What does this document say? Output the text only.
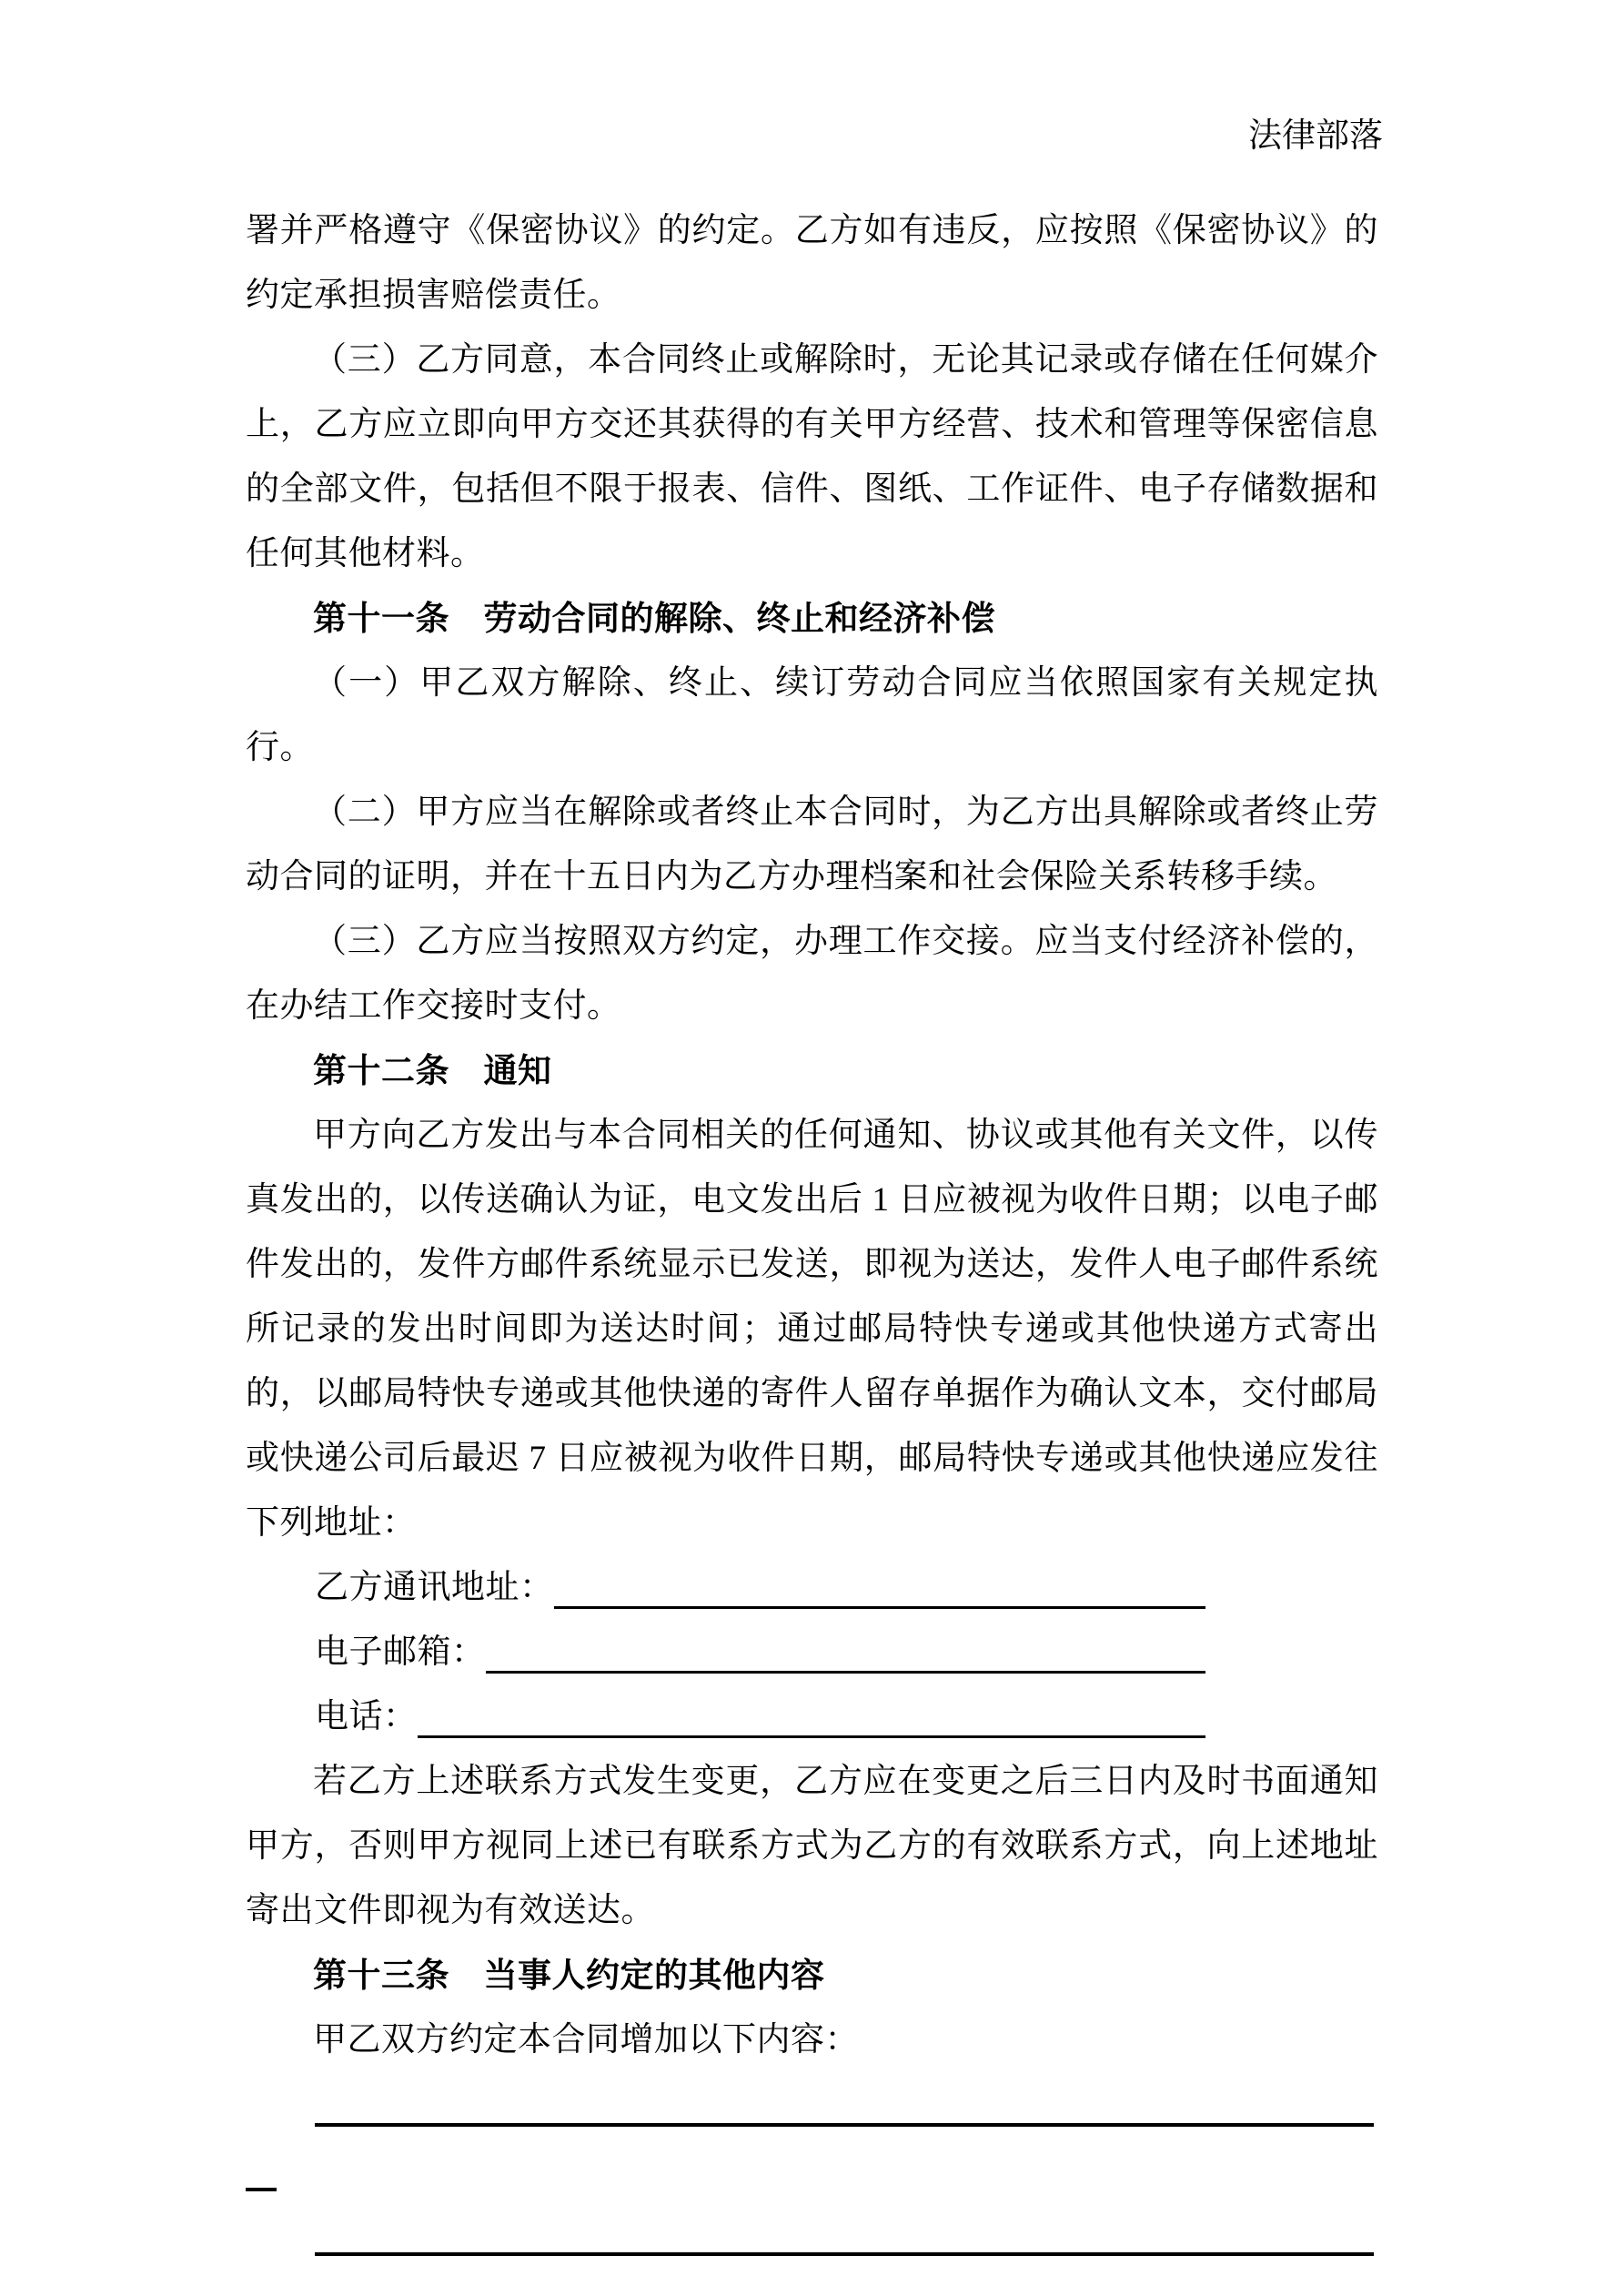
法律部落

署并严格遵守《保密协议》的约定。乙方如有违反，应按照《保密协议》的约定承担损害赔偿责任。

（三）乙方同意，本合同终止或解除时，无论其记录或存储在任何媒介上，乙方应立即向甲方交还其获得的有关甲方经营、技术和管理等保密信息的全部文件，包括但不限于报表、信件、图纸、工作证件、电子存储数据和任何其他材料。

第十一条　劳动合同的解除、终止和经济补偿

（一）甲乙双方解除、终止、续订劳动合同应当依照国家有关规定执行。

（二）甲方应当在解除或者终止本合同时，为乙方出具解除或者终止劳动合同的证明，并在十五日内为乙方办理档案和社会保险关系转移手续。

（三）乙方应当按照双方约定，办理工作交接。应当支付经济补偿的，在办结工作交接时支付。

第十二条　通知

甲方向乙方发出与本合同相关的任何通知、协议或其他有关文件，以传真发出的，以传送确认为证，电文发出后 1 日应被视为收件日期；以电子邮件发出的，发件方邮件系统显示已发送，即视为送达，发件人电子邮件系统所记录的发出时间即为送达时间；通过邮局特快专递或其他快递方式寄出的，以邮局特快专递或其他快递的寄件人留存单据作为确认文本，交付邮局或快递公司后最迟 7 日应被视为收件日期，邮局特快专递或其他快递应发往下列地址：

乙方通讯地址：
电子邮箱：
电话：

若乙方上述联系方式发生变更，乙方应在变更之后三日内及时书面通知甲方，否则甲方视同上述已有联系方式为乙方的有效联系方式，向上述地址寄出文件即视为有效送达。

第十三条　当事人约定的其他内容

甲乙双方约定本合同增加以下内容：
